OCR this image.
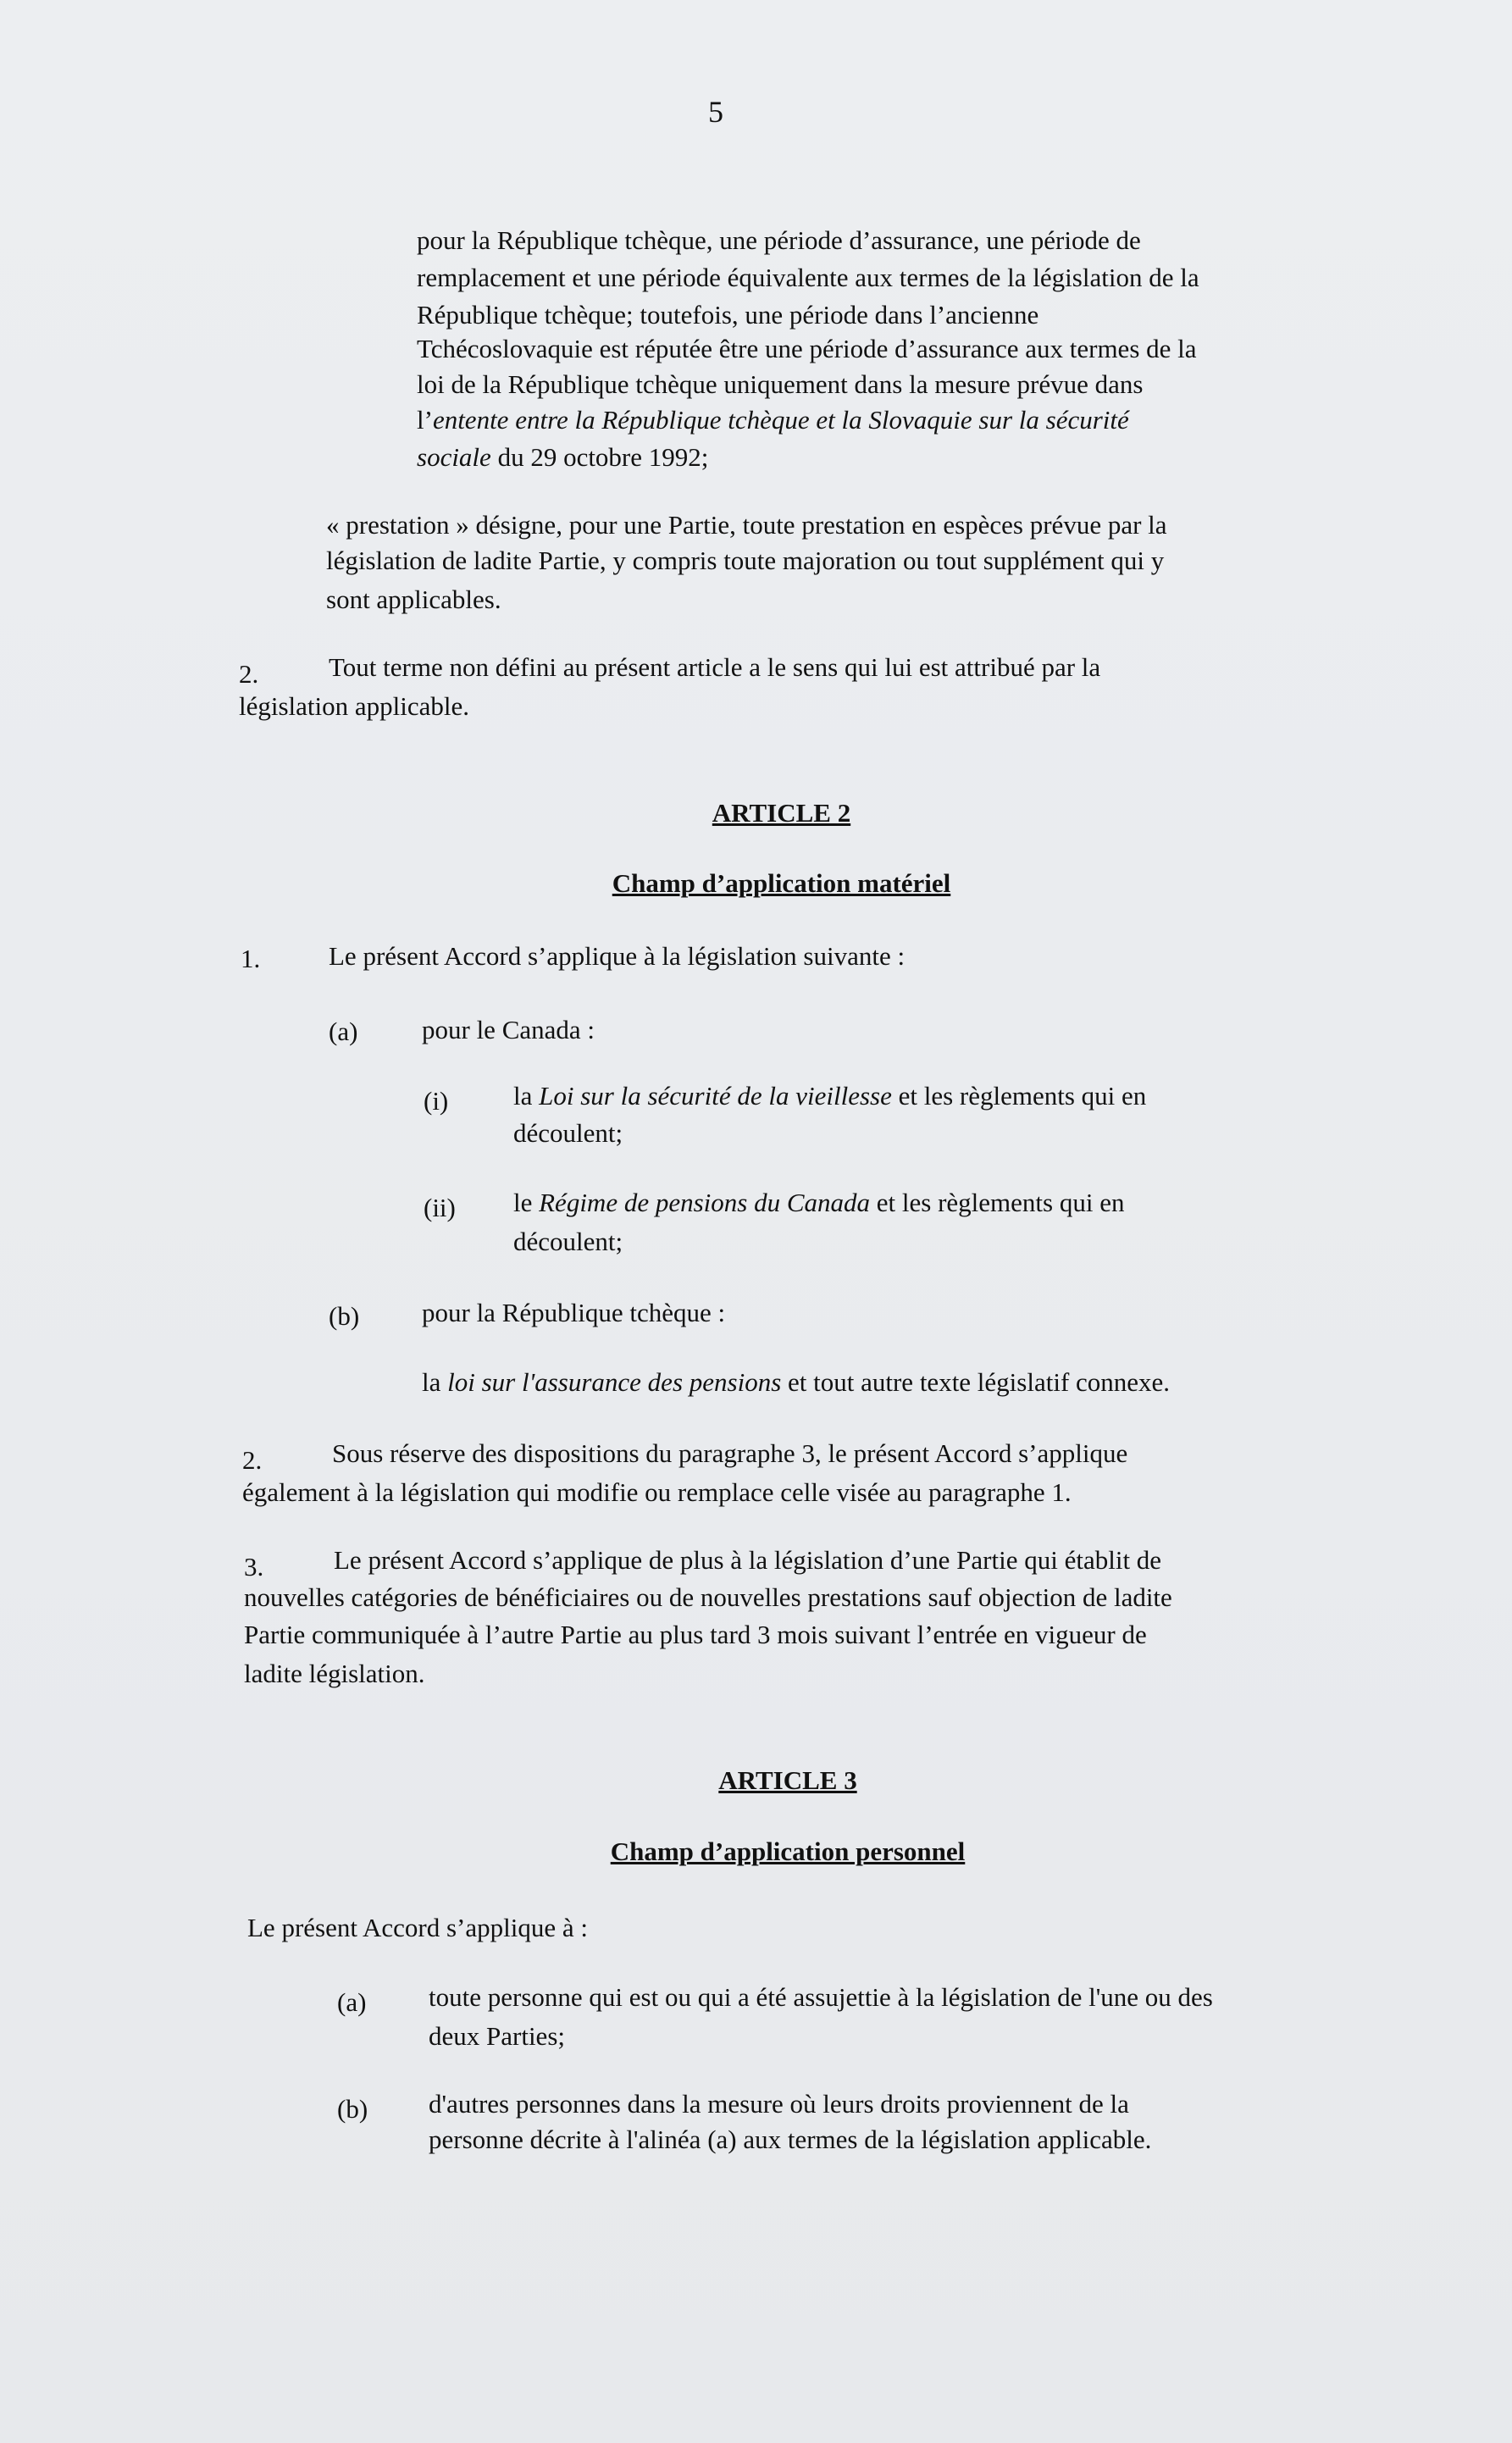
5

pour la République tchèque, une période d’assurance, une période de

remplacement et une période équivalente aux termes de la législation de la

République tchèque; toutefois, une période dans l’ancienne

Tchécoslovaquie est réputée être une période d’assurance aux termes de la

loi de la République tchèque uniquement dans la mesure prévue dans

l’entente entre la République tchèque et la Slovaquie sur la sécurité

sociale du 29 octobre 1992;

« prestation » désigne, pour une Partie, toute prestation en espèces prévue par la

législation de ladite Partie, y compris toute majoration ou tout supplément qui y

sont applicables.

2.	Tout terme non défini au présent article a le sens qui lui est attribué par la

législation applicable.

ARTICLE 2
Champ d’application matériel
1.	Le présent Accord s’applique à la législation suivante :

(a) pour le Canada :

(i) la Loi sur la sécurité de la vieillesse et les règlements qui en

découlent;

(ii) le Régime de pensions du Canada et les règlements qui en

découlent;

(b) pour la République tchèque :

la loi sur l'assurance des pensions et tout autre texte législatif connexe.

2.	Sous réserve des dispositions du paragraphe 3, le présent Accord s’applique

également à la législation qui modifie ou remplace celle visée au paragraphe 1.

3.	Le présent Accord s’applique de plus à la législation d’une Partie qui établit de

nouvelles catégories de bénéficiaires ou de nouvelles prestations sauf objection de ladite

Partie communiquée à l’autre Partie au plus tard 3 mois suivant l’entrée en vigueur de

ladite législation.

ARTICLE 3
Champ d’application personnel

Le présent Accord s’applique à :

(a) toute personne qui est ou qui a été assujettie à la législation de l'une ou des

deux Parties;

(b) d'autres personnes dans la mesure où leurs droits proviennent de la

personne décrite à l'alinéa (a) aux termes de la législation applicable.
